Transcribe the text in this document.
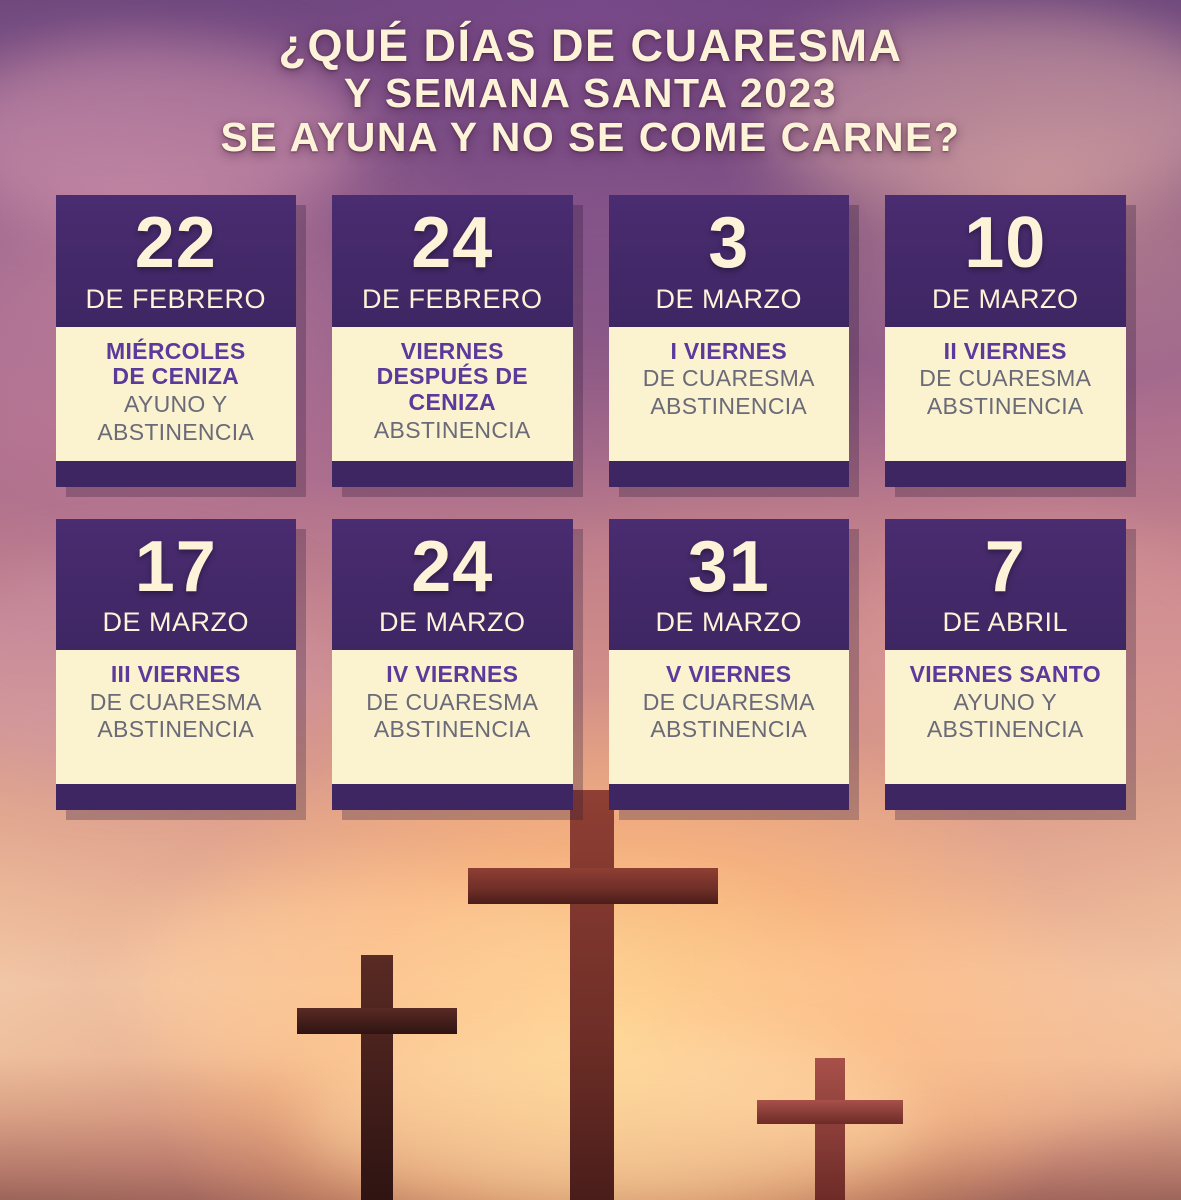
¿QUÉ DÍAS DE CUARESMA
Y SEMANA SANTA 2023
SE AYUNA Y NO SE COME CARNE?
22
DE FEBRERO
MIÉRCOLES
DE CENIZA
AYUNO Y
ABSTINENCIA
24
DE FEBRERO
VIERNES
DESPUÉS DE
CENIZA
ABSTINENCIA
3
DE MARZO
I VIERNES
DE CUARESMA
ABSTINENCIA
10
DE MARZO
II VIERNES
DE CUARESMA
ABSTINENCIA
17
DE MARZO
III VIERNES
DE CUARESMA
ABSTINENCIA
24
DE MARZO
IV VIERNES
DE CUARESMA
ABSTINENCIA
31
DE MARZO
V VIERNES
DE CUARESMA
ABSTINENCIA
7
DE ABRIL
VIERNES SANTO
AYUNO Y
ABSTINENCIA
